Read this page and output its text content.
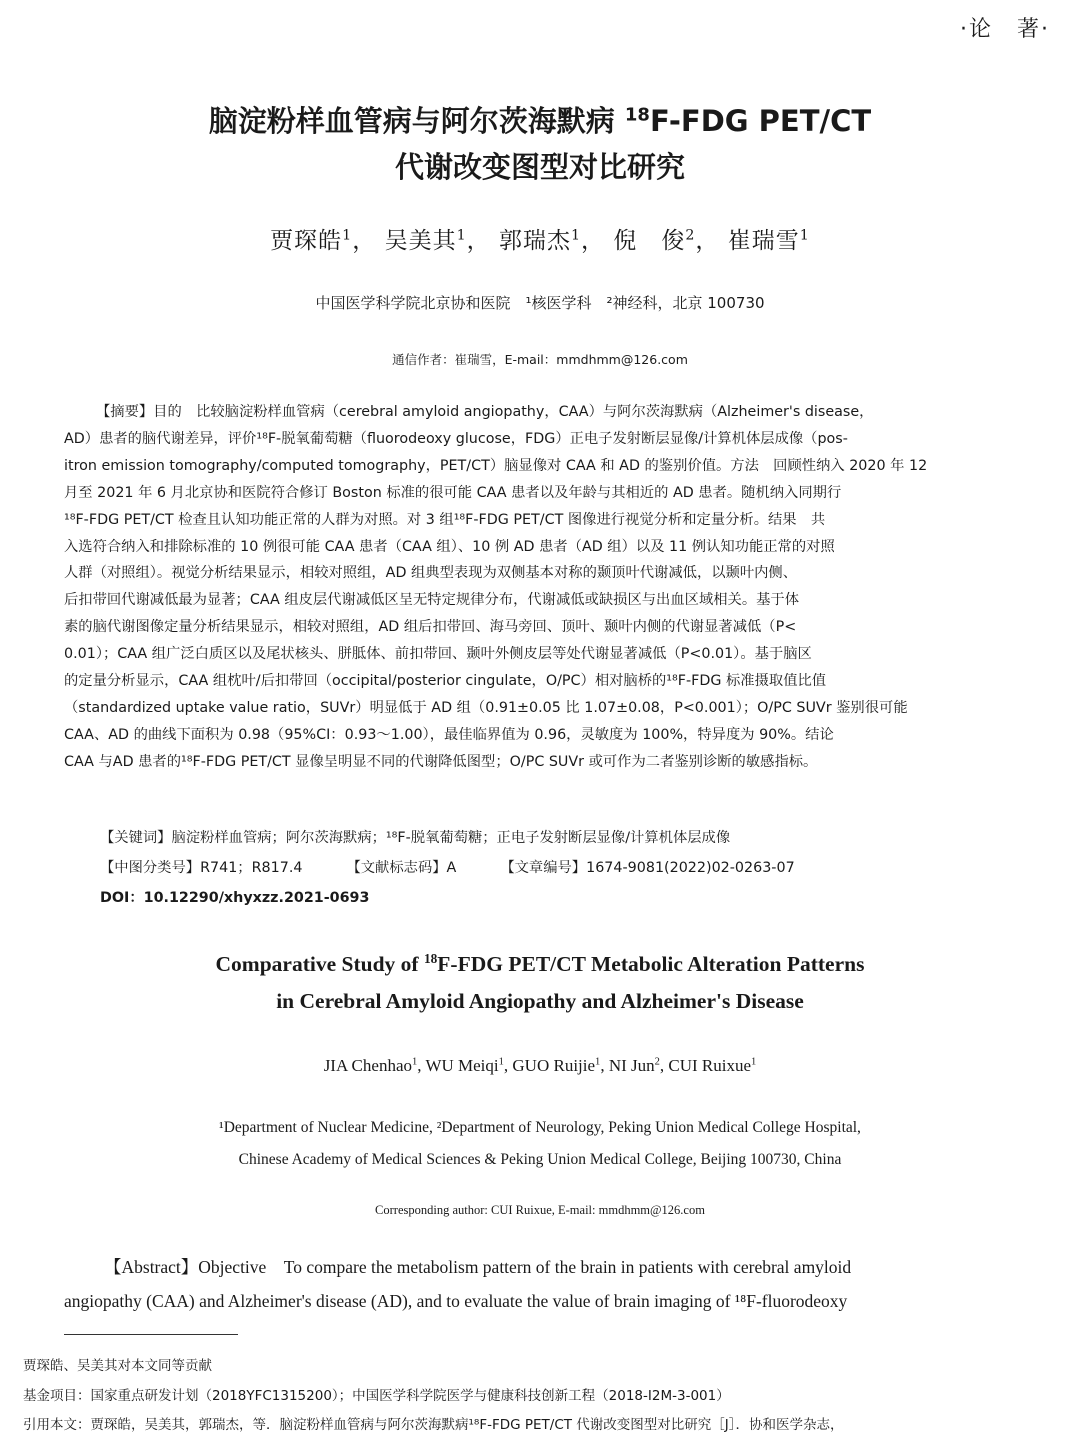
·论　著·
脑淀粉样血管病与阿尔茨海默病 $^{18}$F-FDG PET/CT
代谢改变图型对比研究
贾琛皓$^1$， 吴美其$^1$， 郭瑞杰$^1$， 倪　俊$^2$， 崔瑞雪$^1$
中国医学科学院北京协和医院　¹核医学科　²神经科，北京 100730
通信作者：崔瑞雪，E-mail：mmdhmm@126.com
【摘要】目的　比较脑淀粉样血管病（cerebral amyloid angiopathy，CAA）与阿尔茨海默病（Alzheimer's disease，
AD）患者的脑代谢差异，评价¹⁸F-脱氧葡萄糖（fluorodeoxy glucose，FDG）正电子发射断层显像/计算机体层成像（pos-
itron emission tomography/computed tomography，PET/CT）脑显像对 CAA 和 AD 的鉴别价值。方法　回顾性纳入 2020 年 12
月至 2021 年 6 月北京协和医院符合修订 Boston 标准的很可能 CAA 患者以及年龄与其相近的 AD 患者。随机纳入同期行
¹⁸F-FDG PET/CT 检查且认知功能正常的人群为对照。对 3 组¹⁸F-FDG PET/CT 图像进行视觉分析和定量分析。结果　共
入选符合纳入和排除标准的 10 例很可能 CAA 患者（CAA 组）、10 例 AD 患者（AD 组）以及 11 例认知功能正常的对照
人群（对照组）。视觉分析结果显示，相较对照组，AD 组典型表现为双侧基本对称的颞顶叶代谢减低，以颞叶内侧、
后扣带回代谢减低最为显著；CAA 组皮层代谢减低区呈无特定规律分布，代谢减低或缺损区与出血区域相关。基于体
素的脑代谢图像定量分析结果显示，相较对照组，AD 组后扣带回、海马旁回、顶叶、颞叶内侧的代谢显著减低（P<
0.01）；CAA 组广泛白质区以及尾状核头、胼胝体、前扣带回、颞叶外侧皮层等处代谢显著减低（P<0.01）。基于脑区
的定量分析显示，CAA 组枕叶/后扣带回（occipital/posterior cingulate，O/PC）相对脑桥的¹⁸F-FDG 标准摄取值比值
（standardized uptake value ratio，SUVr）明显低于 AD 组（0.91±0.05 比 1.07±0.08，P<0.001）；O/PC SUVr 鉴别很可能
CAA、AD 的曲线下面积为 0.98（95%CI：0.93～1.00），最佳临界值为 0.96，灵敏度为 100%，特异度为 90%。结论
CAA 与AD 患者的¹⁸F-FDG PET/CT 显像呈明显不同的代谢降低图型；O/PC SUVr 或可作为二者鉴别诊断的敏感指标。
【关键词】脑淀粉样血管病；阿尔茨海默病；¹⁸F-脱氧葡萄糖；正电子发射断层显像/计算机体层成像
【中图分类号】R741；R817.4	【文献标志码】A	【文章编号】1674-9081(2022)02-0263-07
DOI：10.12290/xhyxzz.2021-0693
Comparative Study of $^{18}$F-FDG PET/CT Metabolic Alteration Patterns
in Cerebral Amyloid Angiopathy and Alzheimer's Disease
JIA Chenhao$^1$, WU Meiqi$^1$, GUO Ruijie$^1$, NI Jun$^2$, CUI Ruixue$^1$
¹Department of Nuclear Medicine, ²Department of Neurology, Peking Union Medical College Hospital,
Chinese Academy of Medical Sciences & Peking Union Medical College, Beijing 100730, China
Corresponding author: CUI Ruixue, E-mail: mmdhmm@126.com
【Abstract】Objective　To compare the metabolism pattern of the brain in patients with cerebral amyloid
angiopathy (CAA) and Alzheimer's disease (AD), and to evaluate the value of brain imaging of ¹⁸F-fluorodeoxy
贾琛皓、吴美其对本文同等贡献
基金项目：国家重点研发计划（2018YFC1315200）；中国医学科学院医学与健康科技创新工程（2018-I2M-3-001）
引用本文：贾琛皓，吴美其，郭瑞杰，等．脑淀粉样血管病与阿尔茨海默病¹⁸F-FDG PET/CT 代谢改变图型对比研究［J］．协和医学杂志，
